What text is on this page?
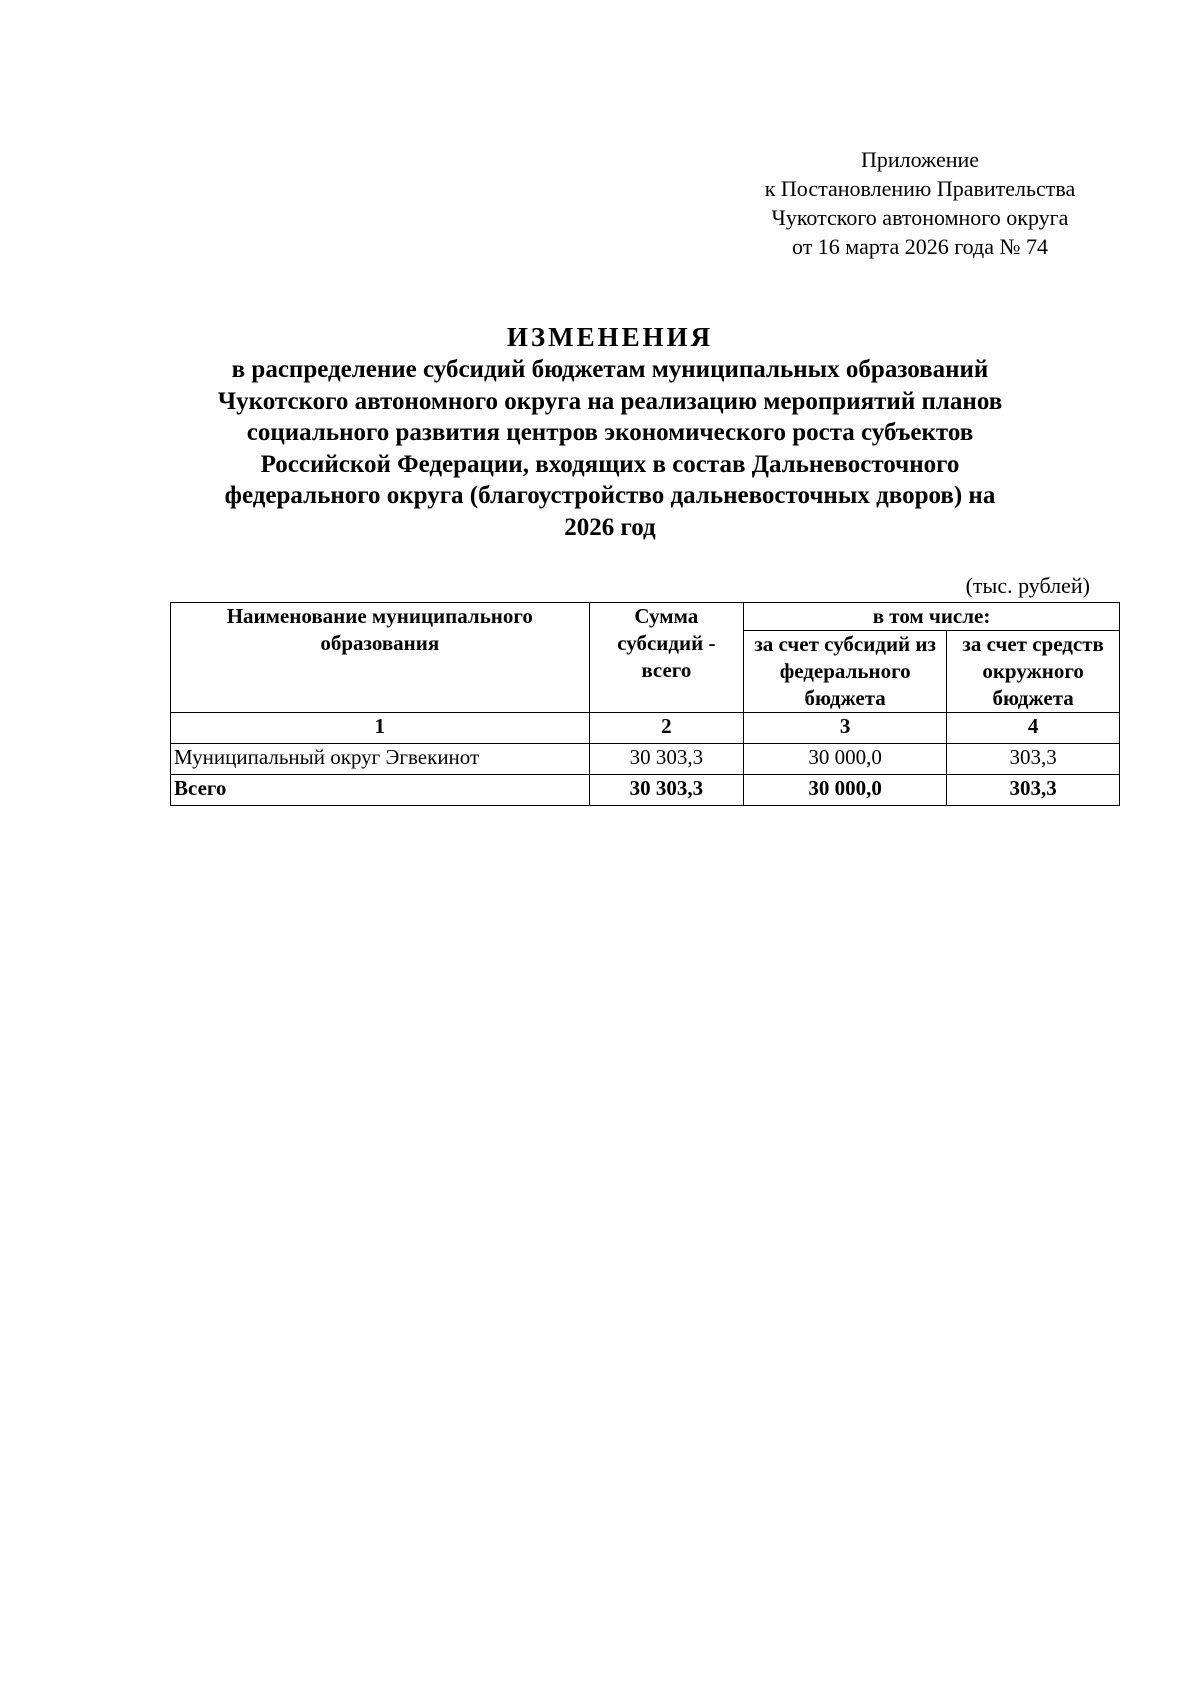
Приложение
к Постановлению Правительства
Чукотского автономного округа
от 16 марта 2026 года № 74
ИЗМЕНЕНИЯ
в распределение субсидий бюджетам муниципальных образований
Чукотского автономного округа на реализацию мероприятий планов
социального развития центров экономического роста субъектов
Российской Федерации, входящих в состав Дальневосточного
федерального округа (благоустройство дальневосточных дворов) на
2026 год
(тыс. рублей)
Наименование муниципального образования	Сумма субсидий - всего	в том числе:	
		за счет субсидий из федерального бюджета	за счет средств окружного бюджета
1	2	3	4
Муниципальный округ Эгвекинот	30 303,3	30 000,0	303,3
Всего	30 303,3	30 000,0	303,3
